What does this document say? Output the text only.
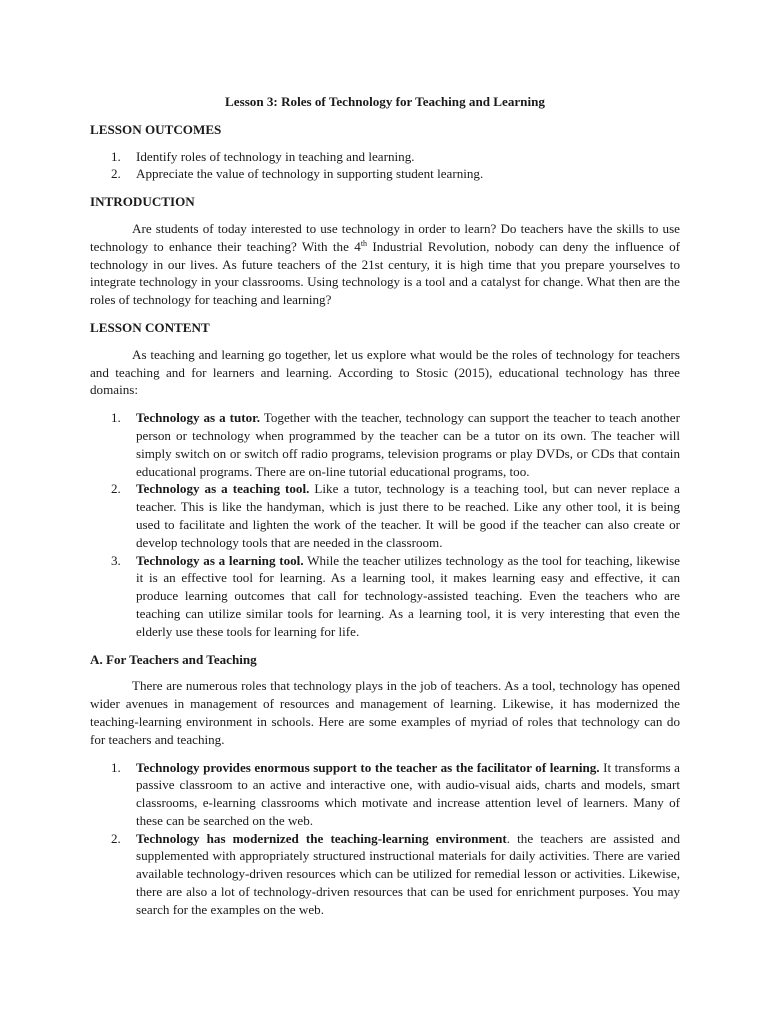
Lesson 3: Roles of Technology for Teaching and Learning
LESSON OUTCOMES
1. Identify roles of technology in teaching and learning.
2. Appreciate the value of technology in supporting student learning.
INTRODUCTION

Are students of today interested to use technology in order to learn? Do teachers have the skills to use technology to enhance their teaching? With the 4th Industrial Revolution, nobody can deny the influence of technology in our lives. As future teachers of the 21st century, it is high time that you prepare yourselves to integrate technology in your classrooms. Using technology is a tool and a catalyst for change. What then are the roles of technology for teaching and learning?

LESSON CONTENT

As teaching and learning go together, let us explore what would be the roles of technology for teachers and teaching and for learners and learning. According to Stosic (2015), educational technology has three domains:

1. Technology as a tutor. Together with the teacher, technology can support the teacher to teach another person or technology when programmed by the teacher can be a tutor on its own. The teacher will simply switch on or switch off radio programs, television programs or play DVDs, or CDs that contain educational programs. There are on-line tutorial educational programs, too.
2. Technology as a teaching tool. Like a tutor, technology is a teaching tool, but can never replace a teacher. This is like the handyman, which is just there to be reached. Like any other tool, it is being used to facilitate and lighten the work of the teacher. It will be good if the teacher can also create or develop technology tools that are needed in the classroom.
3. Technology as a learning tool. While the teacher utilizes technology as the tool for teaching, likewise it is an effective tool for learning. As a learning tool, it makes learning easy and effective, it can produce learning outcomes that call for technology-assisted teaching. Even the teachers who are teaching can utilize similar tools for learning. As a learning tool, it is very interesting that even the elderly use these tools for learning for life.
A. For Teachers and Teaching

There are numerous roles that technology plays in the job of teachers. As a tool, technology has opened wider avenues in management of resources and management of learning. Likewise, it has modernized the teaching-learning environment in schools. Here are some examples of myriad of roles that technology can do for teachers and teaching.

1. Technology provides enormous support to the teacher as the facilitator of learning. It transforms a passive classroom to an active and interactive one, with audio-visual aids, charts and models, smart classrooms, e-learning classrooms which motivate and increase attention level of learners. Many of these can be searched on the web.
2. Technology has modernized the teaching-learning environment. the teachers are assisted and supplemented with appropriately structured instructional materials for daily activities. There are varied available technology-driven resources which can be utilized for remedial lesson or activities. Likewise, there are also a lot of technology-driven resources that can be used for enrichment purposes. You may search for the examples on the web.
